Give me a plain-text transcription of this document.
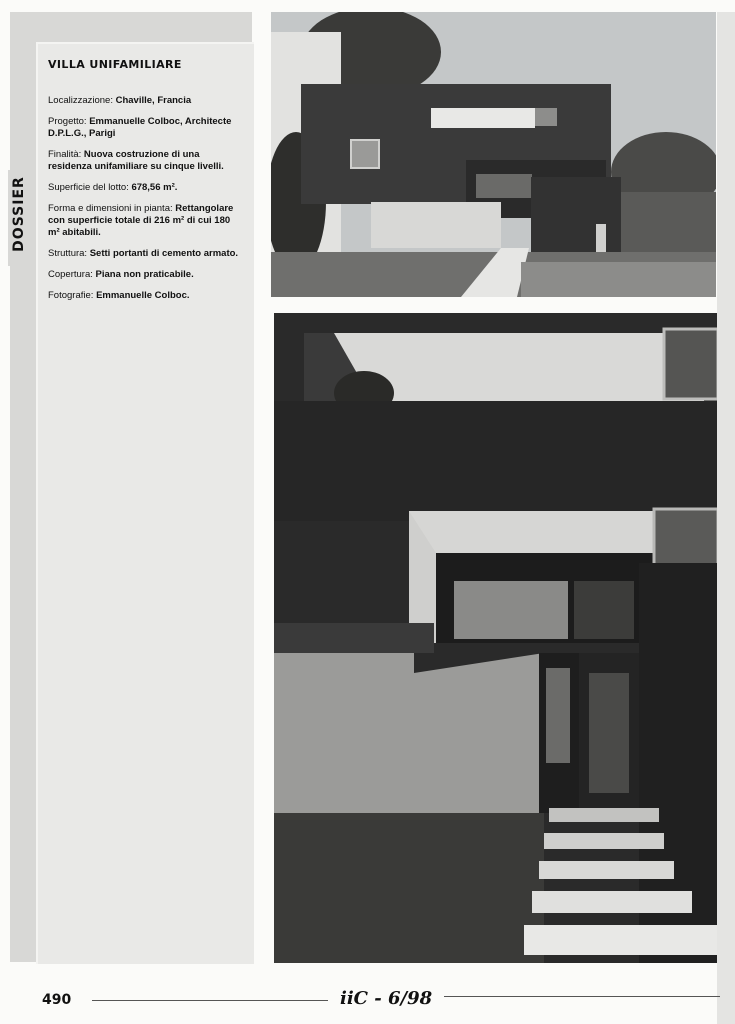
DOSSIER
VILLA UNIFAMILIARE
Localizzazione: Chaville, Francia
Progetto: Emmanuelle Colboc, Architecte D.P.L.G., Parigi
Finalità: Nuova costruzione di una residenza unifamiliare su cinque livelli.
Superficie del lotto: 678,56 m².
Forma e dimensioni in pianta: Rettangolare con superficie totale di 216 m² di cui 180 m² abitabili.
Struttura: Setti portanti di cemento armato.
Copertura: Piana non praticabile.
Fotografie: Emmanuelle Colboc.
490	iiC - 6/98
